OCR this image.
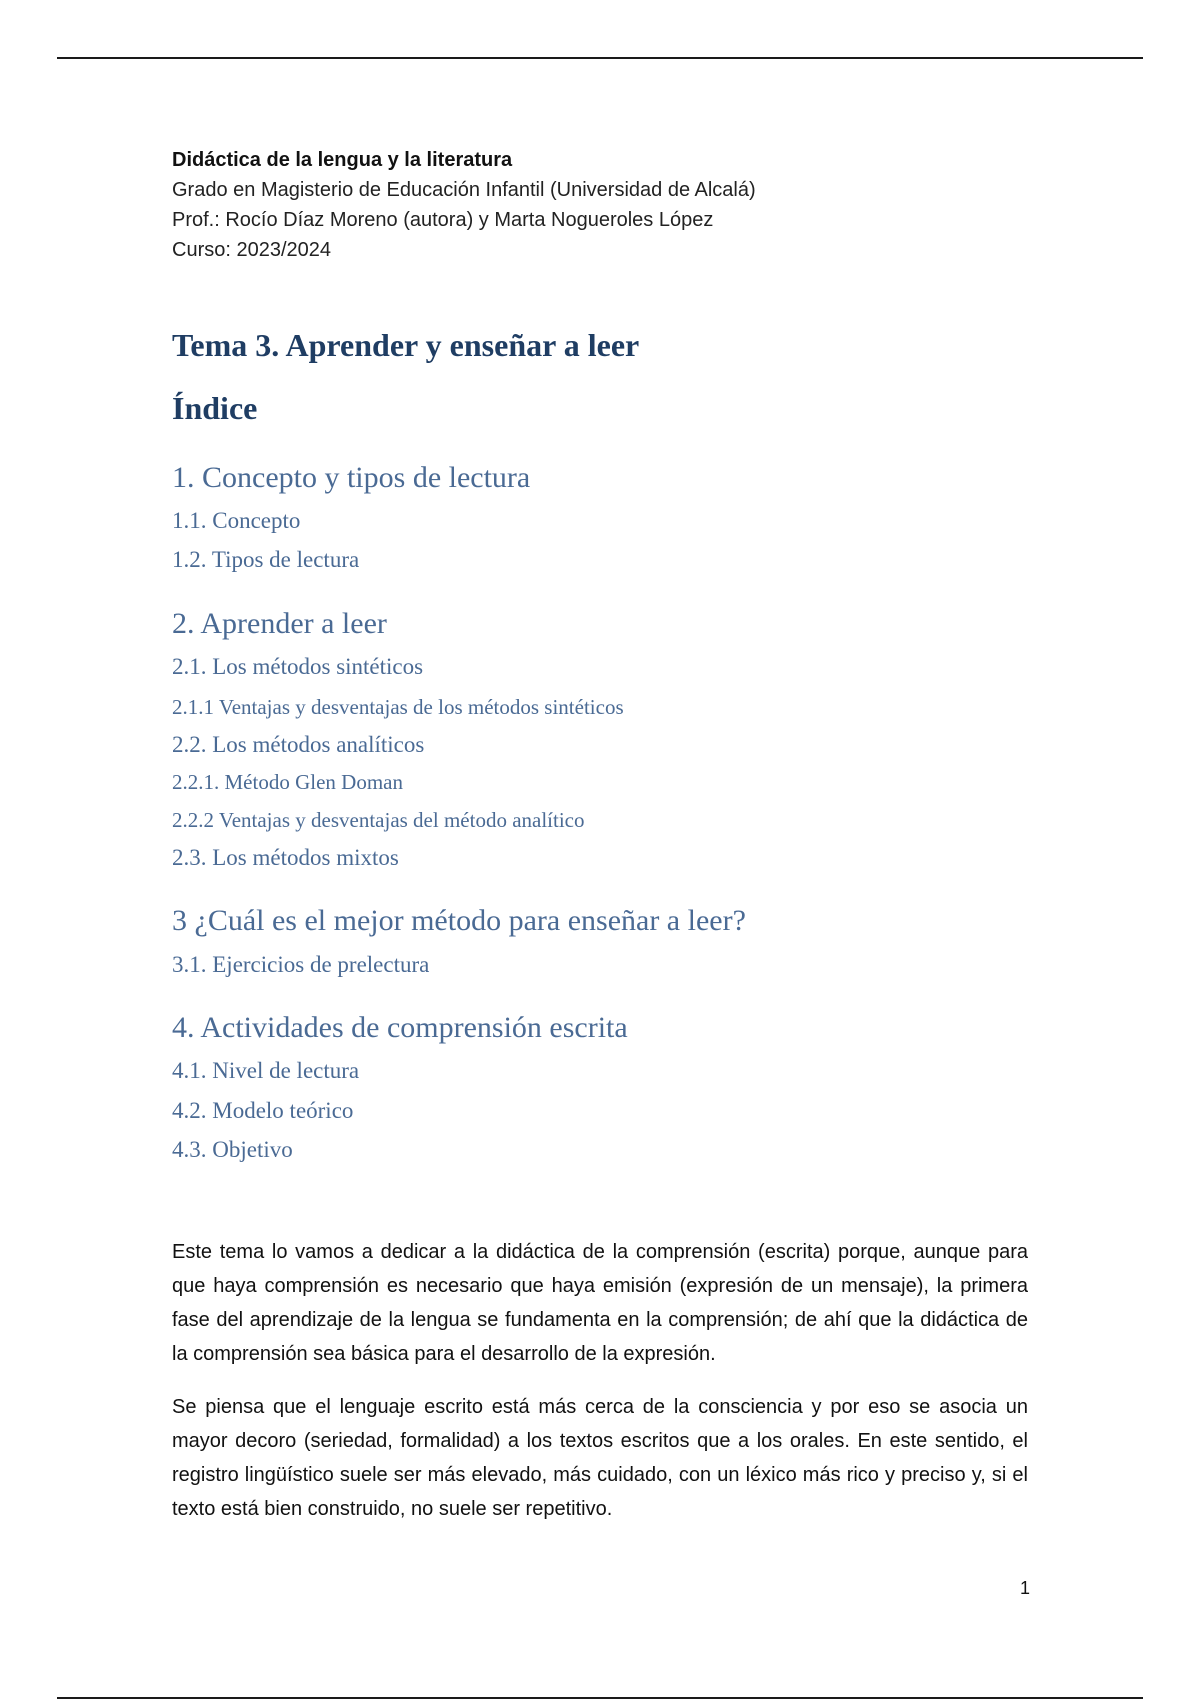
Didáctica de la lengua y la literatura
Grado en Magisterio de Educación Infantil (Universidad de Alcalá)
Prof.: Rocío Díaz Moreno (autora) y Marta Nogueroles López
Curso: 2023/2024
Tema 3. Aprender y enseñar a leer
Índice
1. Concepto y tipos de lectura
1.1. Concepto
1.2. Tipos de lectura
2. Aprender a leer
2.1. Los métodos sintéticos
2.1.1 Ventajas y desventajas de los métodos sintéticos
2.2. Los métodos analíticos
2.2.1. Método Glen Doman
2.2.2 Ventajas y desventajas del método analítico
2.3. Los métodos mixtos
3 ¿Cuál es el mejor método para enseñar a leer?
3.1. Ejercicios de prelectura
4. Actividades de comprensión escrita
4.1. Nivel de lectura
4.2. Modelo teórico
4.3. Objetivo
Este tema lo vamos a dedicar a la didáctica de la comprensión (escrita) porque, aunque para que haya comprensión es necesario que haya emisión (expresión de un mensaje), la primera fase del aprendizaje de la lengua se fundamenta en la comprensión; de ahí que la didáctica de la comprensión sea básica para el desarrollo de la expresión.
Se piensa que el lenguaje escrito está más cerca de la consciencia y por eso se asocia un mayor decoro (seriedad, formalidad) a los textos escritos que a los orales. En este sentido, el registro lingüístico suele ser más elevado, más cuidado, con un léxico más rico y preciso y, si el texto está bien construido, no suele ser repetitivo.
1
